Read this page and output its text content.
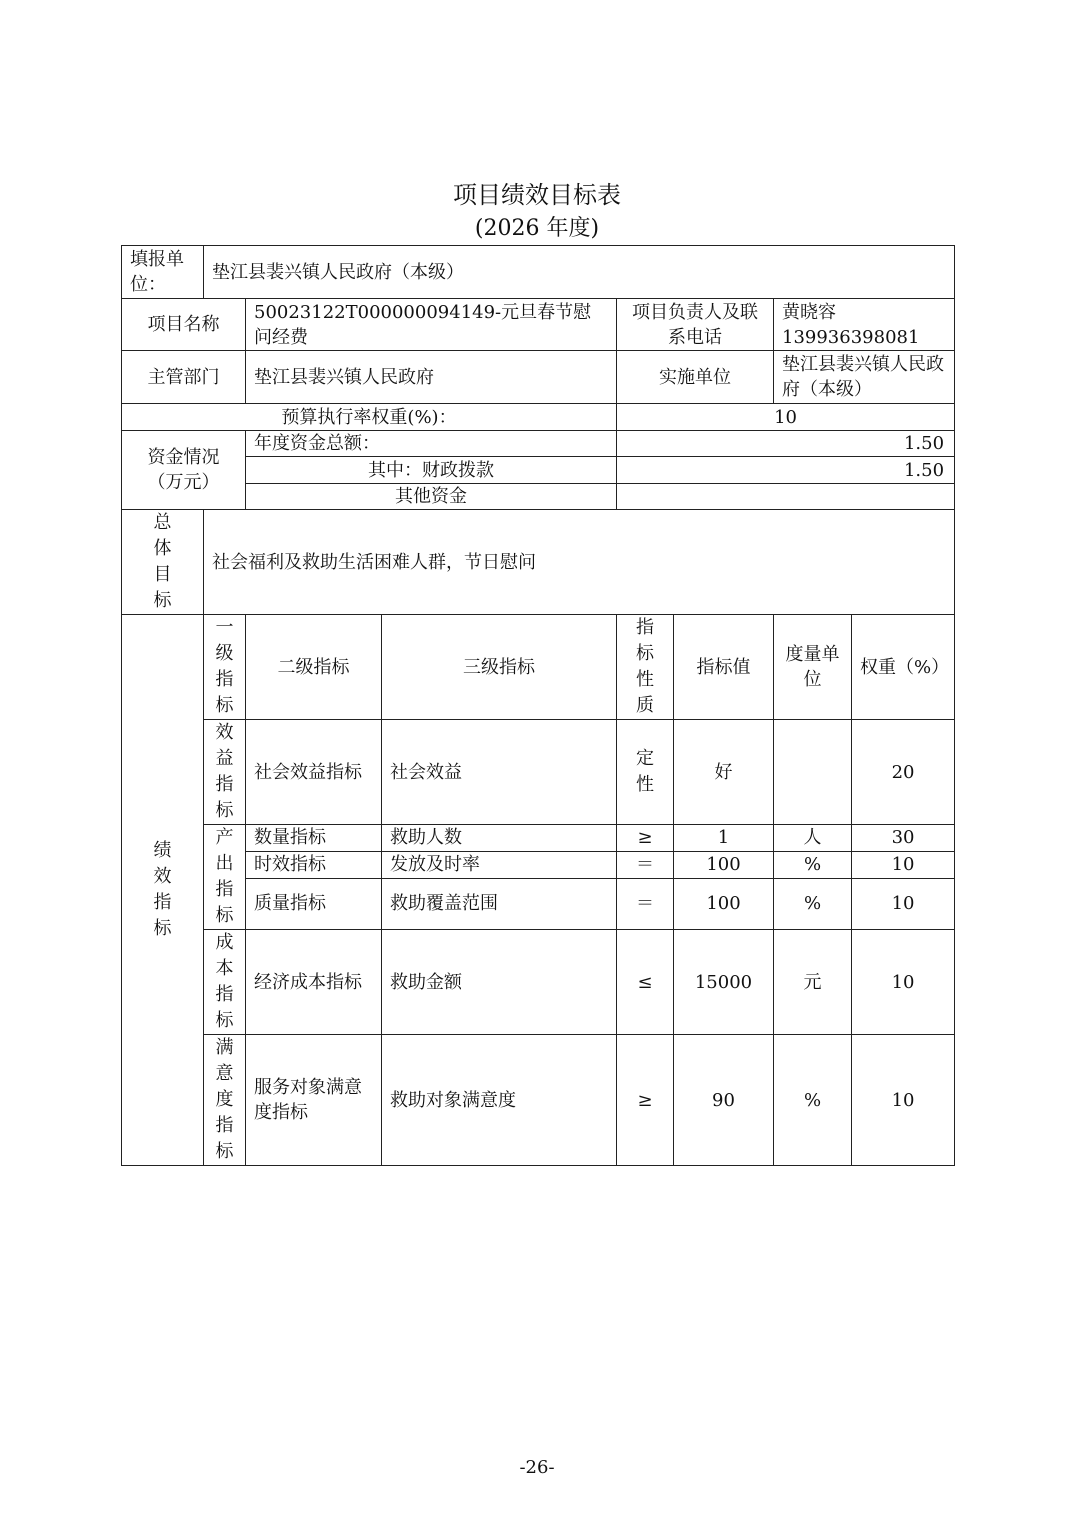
项目绩效目标表
(2026 年度)
填报单位：	垫江县裴兴镇人民政府（本级）						
项目名称		50023122T000000094149-元旦春节慰问经费		项目负责人及联系电话		黄晓容 139936398081	
主管部门		垫江县裴兴镇人民政府		实施单位		垫江县裴兴镇人民政府（本级）	
预算执行率权重(%)：				10			
资金情况（万元）		年度资金总额：		1.50			
		其中：财政拨款		1.50			
		其他资金					
总体目标	社会福利及救助生活困难人群，节日慰问						
绩效指标	一级指标	二级指标	三级指标	指标性质	指标值	度量单位	权重（%）
	效益指标	社会效益指标	社会效益	定性	好		20
	产出指标	数量指标	救助人数	≥	1	人	30
		时效指标	发放及时率	＝	100	%	10
		质量指标	救助覆盖范围	＝	100	%	10
	成本指标	经济成本指标	救助金额	≤	15000	元	10
	满意度指标	服务对象满意度指标	救助对象满意度	≥	90	%	10
-26-
